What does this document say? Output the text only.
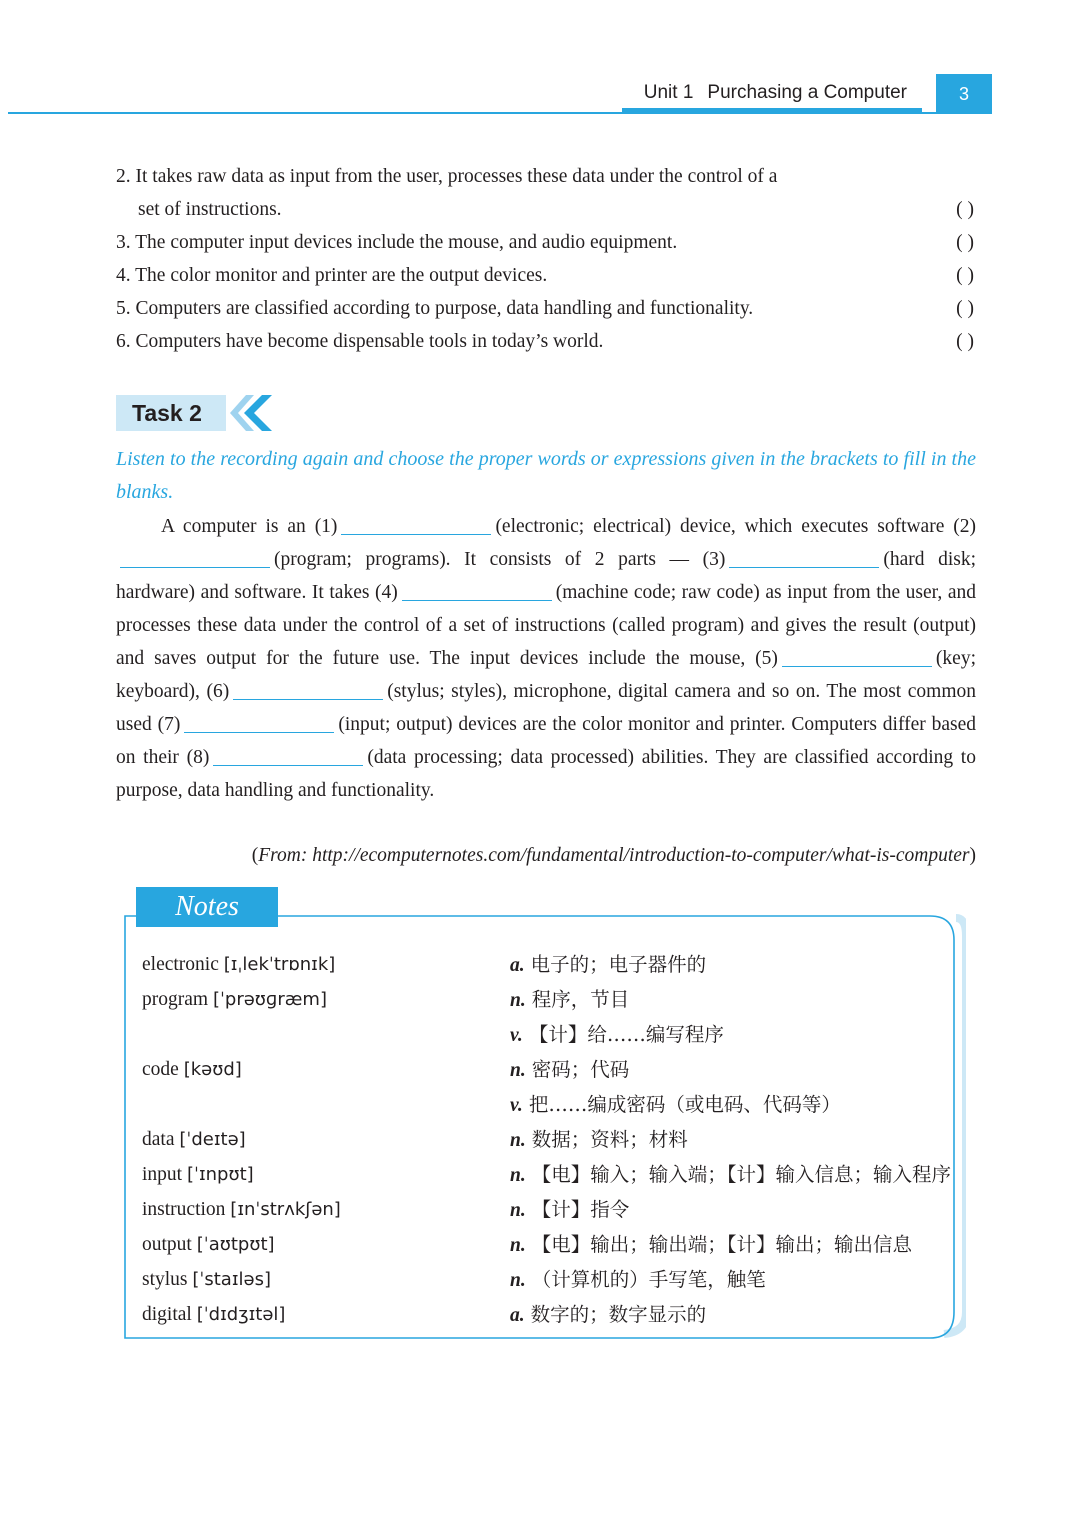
Unit 1 Purchasing a Computer	3
2. It takes raw data as input from the user, processes these data under the control of a
set of instructions.	( )
3. The computer input devices include the mouse, and audio equipment.	( )
4. The color monitor and printer are the output devices.	( )
5. Computers are classified according to purpose, data handling and functionality.	( )
6. Computers have become dispensable tools in today’s world.	( )
Task 2
Listen to the recording again and choose the proper words or expressions given in the brackets to fill in the blanks.
A computer is an (1)	(electronic; electrical) device, which executes software (2)(program; programs). It consists of 2 parts — (3)	(hard disk; hardware) and software. It takes (4)	(machine code; raw code) as input from the user, and processes these data under the control of a set of instructions (called program) and gives the result (output) and saves output for the future use. The input devices include the mouse, (5)	(key; keyboard), (6)	(stylus; styles), microphone, digital camera and so on. The most common used (7)	(input; output) devices are the color monitor and printer. Computers differ based on their (8)	(data processing; data processed) abilities. They are classified according to purpose, data handling and functionality.
(From: http://ecomputernotes.com/fundamental/introduction-to-computer/what-is-computer)
Notes
electronic [ɪˌlekˈtrɒnɪk]	a. 电子的；电子器件的
program [ˈprəʊɡræm]	n. 程序，节目
v. 【计】给……编写程序
code [kəʊd]	n. 密码；代码
v. 把……编成密码（或电码、代码等）
data [ˈdeɪtə]	n. 数据；资料；材料
input [ˈɪnpʊt]	n. 【电】输入；输入端；【计】输入信息；输入程序
instruction [ɪnˈstrʌkʃən]	n. 【计】指令
output [ˈaʊtpʊt]	n. 【电】输出；输出端；【计】输出；输出信息
stylus [ˈstaɪləs]	n. （计算机的）手写笔，触笔
digital [ˈdɪdʒɪtəl]	a. 数字的；数字显示的
